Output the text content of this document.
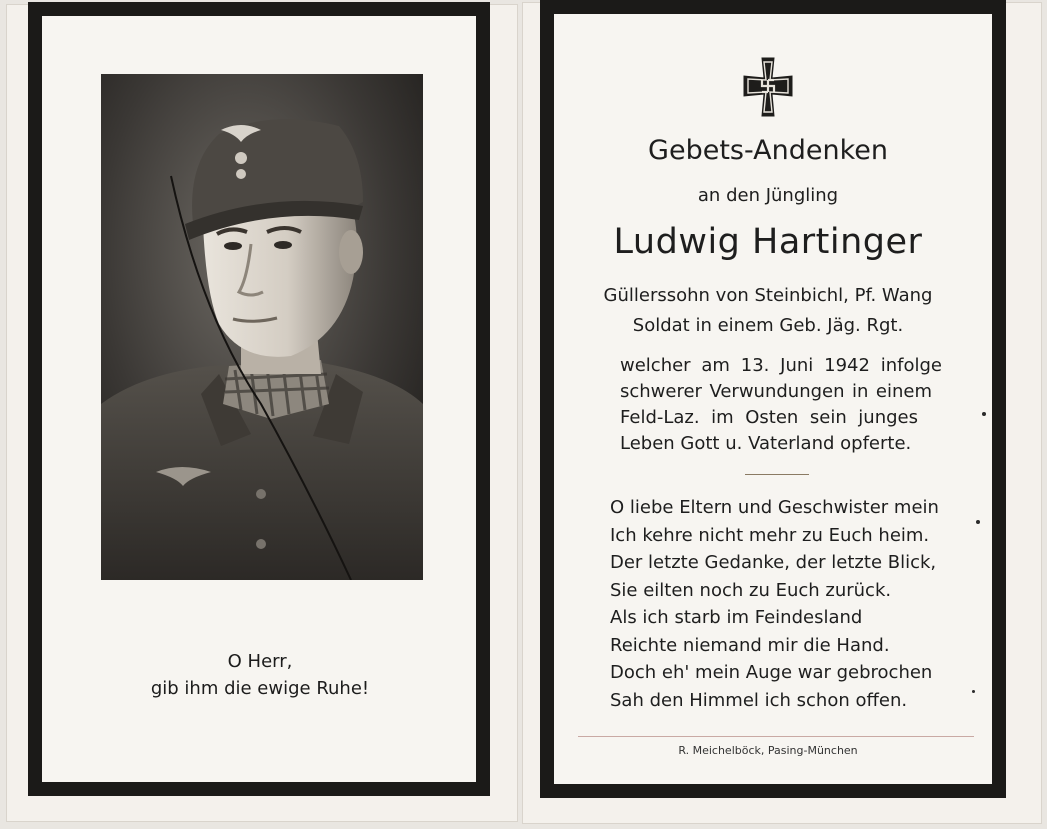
O Herr,
gib ihm die ewige Ruhe!
Gebets-Andenken
an den Jüngling
Ludwig Hartinger
Güllerssohn von Steinbichl, Pf. Wang
Soldat in einem Geb. Jäg. Rgt.
welcher am 13. Juni 1942 infolge
schwerer Verwundungen in einem
Feld-Laz. im Osten sein junges
Leben Gott u. Vaterland opferte.
O liebe Eltern und Geschwister mein
Ich kehre nicht mehr zu Euch heim.
Der letzte Gedanke, der letzte Blick,
Sie eilten noch zu Euch zurück.
Als ich starb im Feindesland
Reichte niemand mir die Hand.
Doch eh' mein Auge war gebrochen
Sah den Himmel ich schon offen.
R. Meichelböck, Pasing-München
